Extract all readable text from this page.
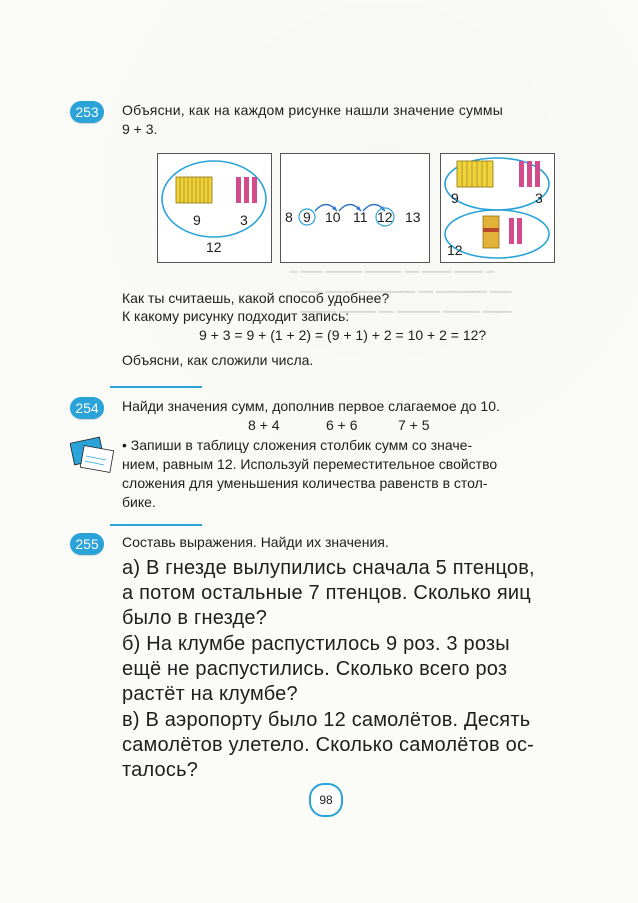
━ ━━━ ━━━━━ ━━━━━ ━━ ━━━━ ━━━━ ━
━━━ ━━━━ ━━━━━━━━ ━━ ━━━━━━━ ━━━
━━━━━ ━━━━━ ━━ ━━━━━━ ━━━━━ ━━━━
253	Объясни, как на каждом рисунке нашли значение суммы
9 + 3.
9	3
12
8 9 10 11 12 13
9	3
12
Как ты считаешь, какой способ удобнее?
К какому рисунку подходит запись:
9 + 3 = 9 + (1 + 2) = (9 + 1) + 2 = 10 + 2 = 12?
Объясни, как сложили числа.
254	Найди значения сумм, дополнив первое слагаемое до 10.
8 + 4	6 + 6	7 + 5
• Запиши в таблицу сложения столбик сумм со значе-
нием, равным 12. Используй переместительное свойство
сложения для уменьшения количества равенств в стол-
бике.
255	Составь выражения. Найди их значения.
а) В гнезде вылупились сначала 5 птенцов,
а потом остальные 7 птенцов. Сколько яиц
было в гнезде?
б) На клумбе распустилось 9 роз. 3 розы
ещё не распустились. Сколько всего роз
растёт на клумбе?
в) В аэропорту было 12 самолётов. Десять
самолётов улетело. Сколько самолётов ос-
талось?
98
